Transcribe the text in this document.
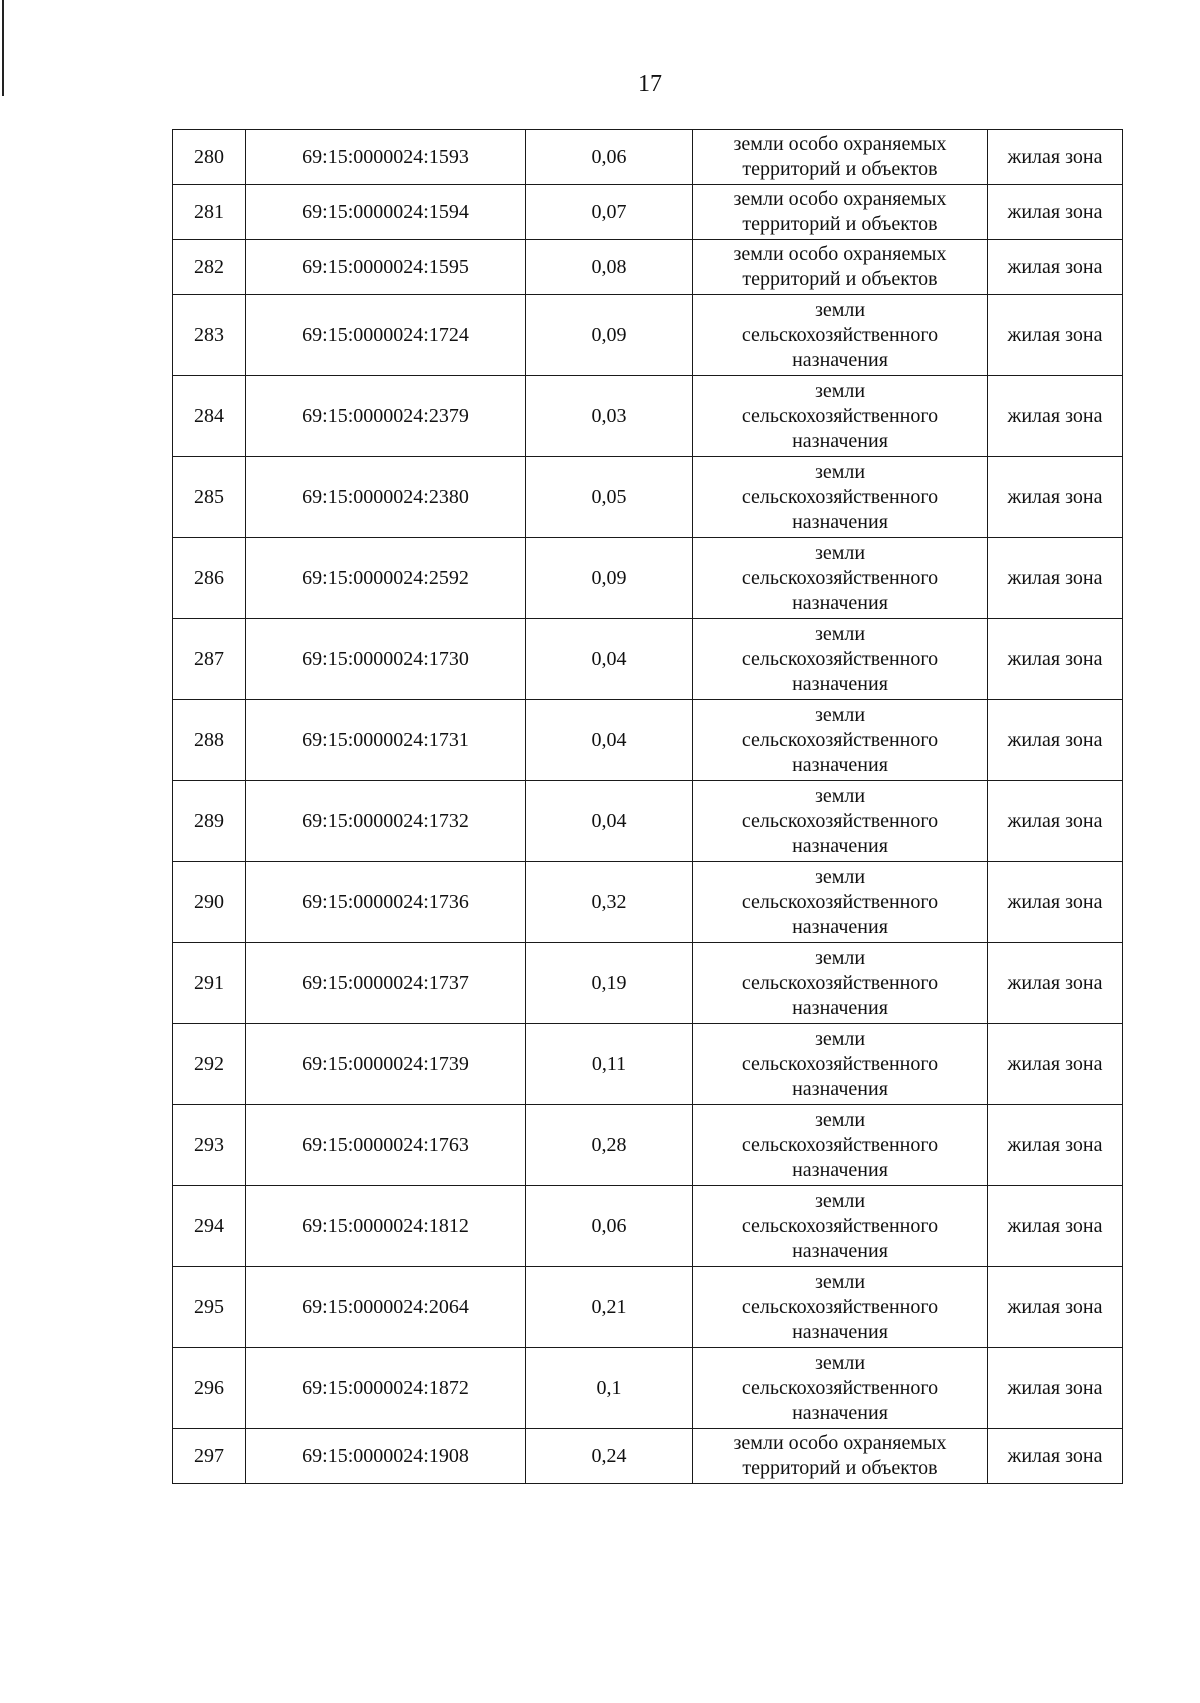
17
280	69:15:0000024:1593	0,06	земли особо охраняемых
территорий и объектов	жилая зона
281	69:15:0000024:1594	0,07	земли особо охраняемых
территорий и объектов	жилая зона
282	69:15:0000024:1595	0,08	земли особо охраняемых
территорий и объектов	жилая зона
283	69:15:0000024:1724	0,09	земли
сельскохозяйственного
назначения	жилая зона
284	69:15:0000024:2379	0,03	земли
сельскохозяйственного
назначения	жилая зона
285	69:15:0000024:2380	0,05	земли
сельскохозяйственного
назначения	жилая зона
286	69:15:0000024:2592	0,09	земли
сельскохозяйственного
назначения	жилая зона
287	69:15:0000024:1730	0,04	земли
сельскохозяйственного
назначения	жилая зона
288	69:15:0000024:1731	0,04	земли
сельскохозяйственного
назначения	жилая зона
289	69:15:0000024:1732	0,04	земли
сельскохозяйственного
назначения	жилая зона
290	69:15:0000024:1736	0,32	земли
сельскохозяйственного
назначения	жилая зона
291	69:15:0000024:1737	0,19	земли
сельскохозяйственного
назначения	жилая зона
292	69:15:0000024:1739	0,11	земли
сельскохозяйственного
назначения	жилая зона
293	69:15:0000024:1763	0,28	земли
сельскохозяйственного
назначения	жилая зона
294	69:15:0000024:1812	0,06	земли
сельскохозяйственного
назначения	жилая зона
295	69:15:0000024:2064	0,21	земли
сельскохозяйственного
назначения	жилая зона
296	69:15:0000024:1872	0,1	земли
сельскохозяйственного
назначения	жилая зона
297	69:15:0000024:1908	0,24	земли особо охраняемых
территорий и объектов	жилая зона
